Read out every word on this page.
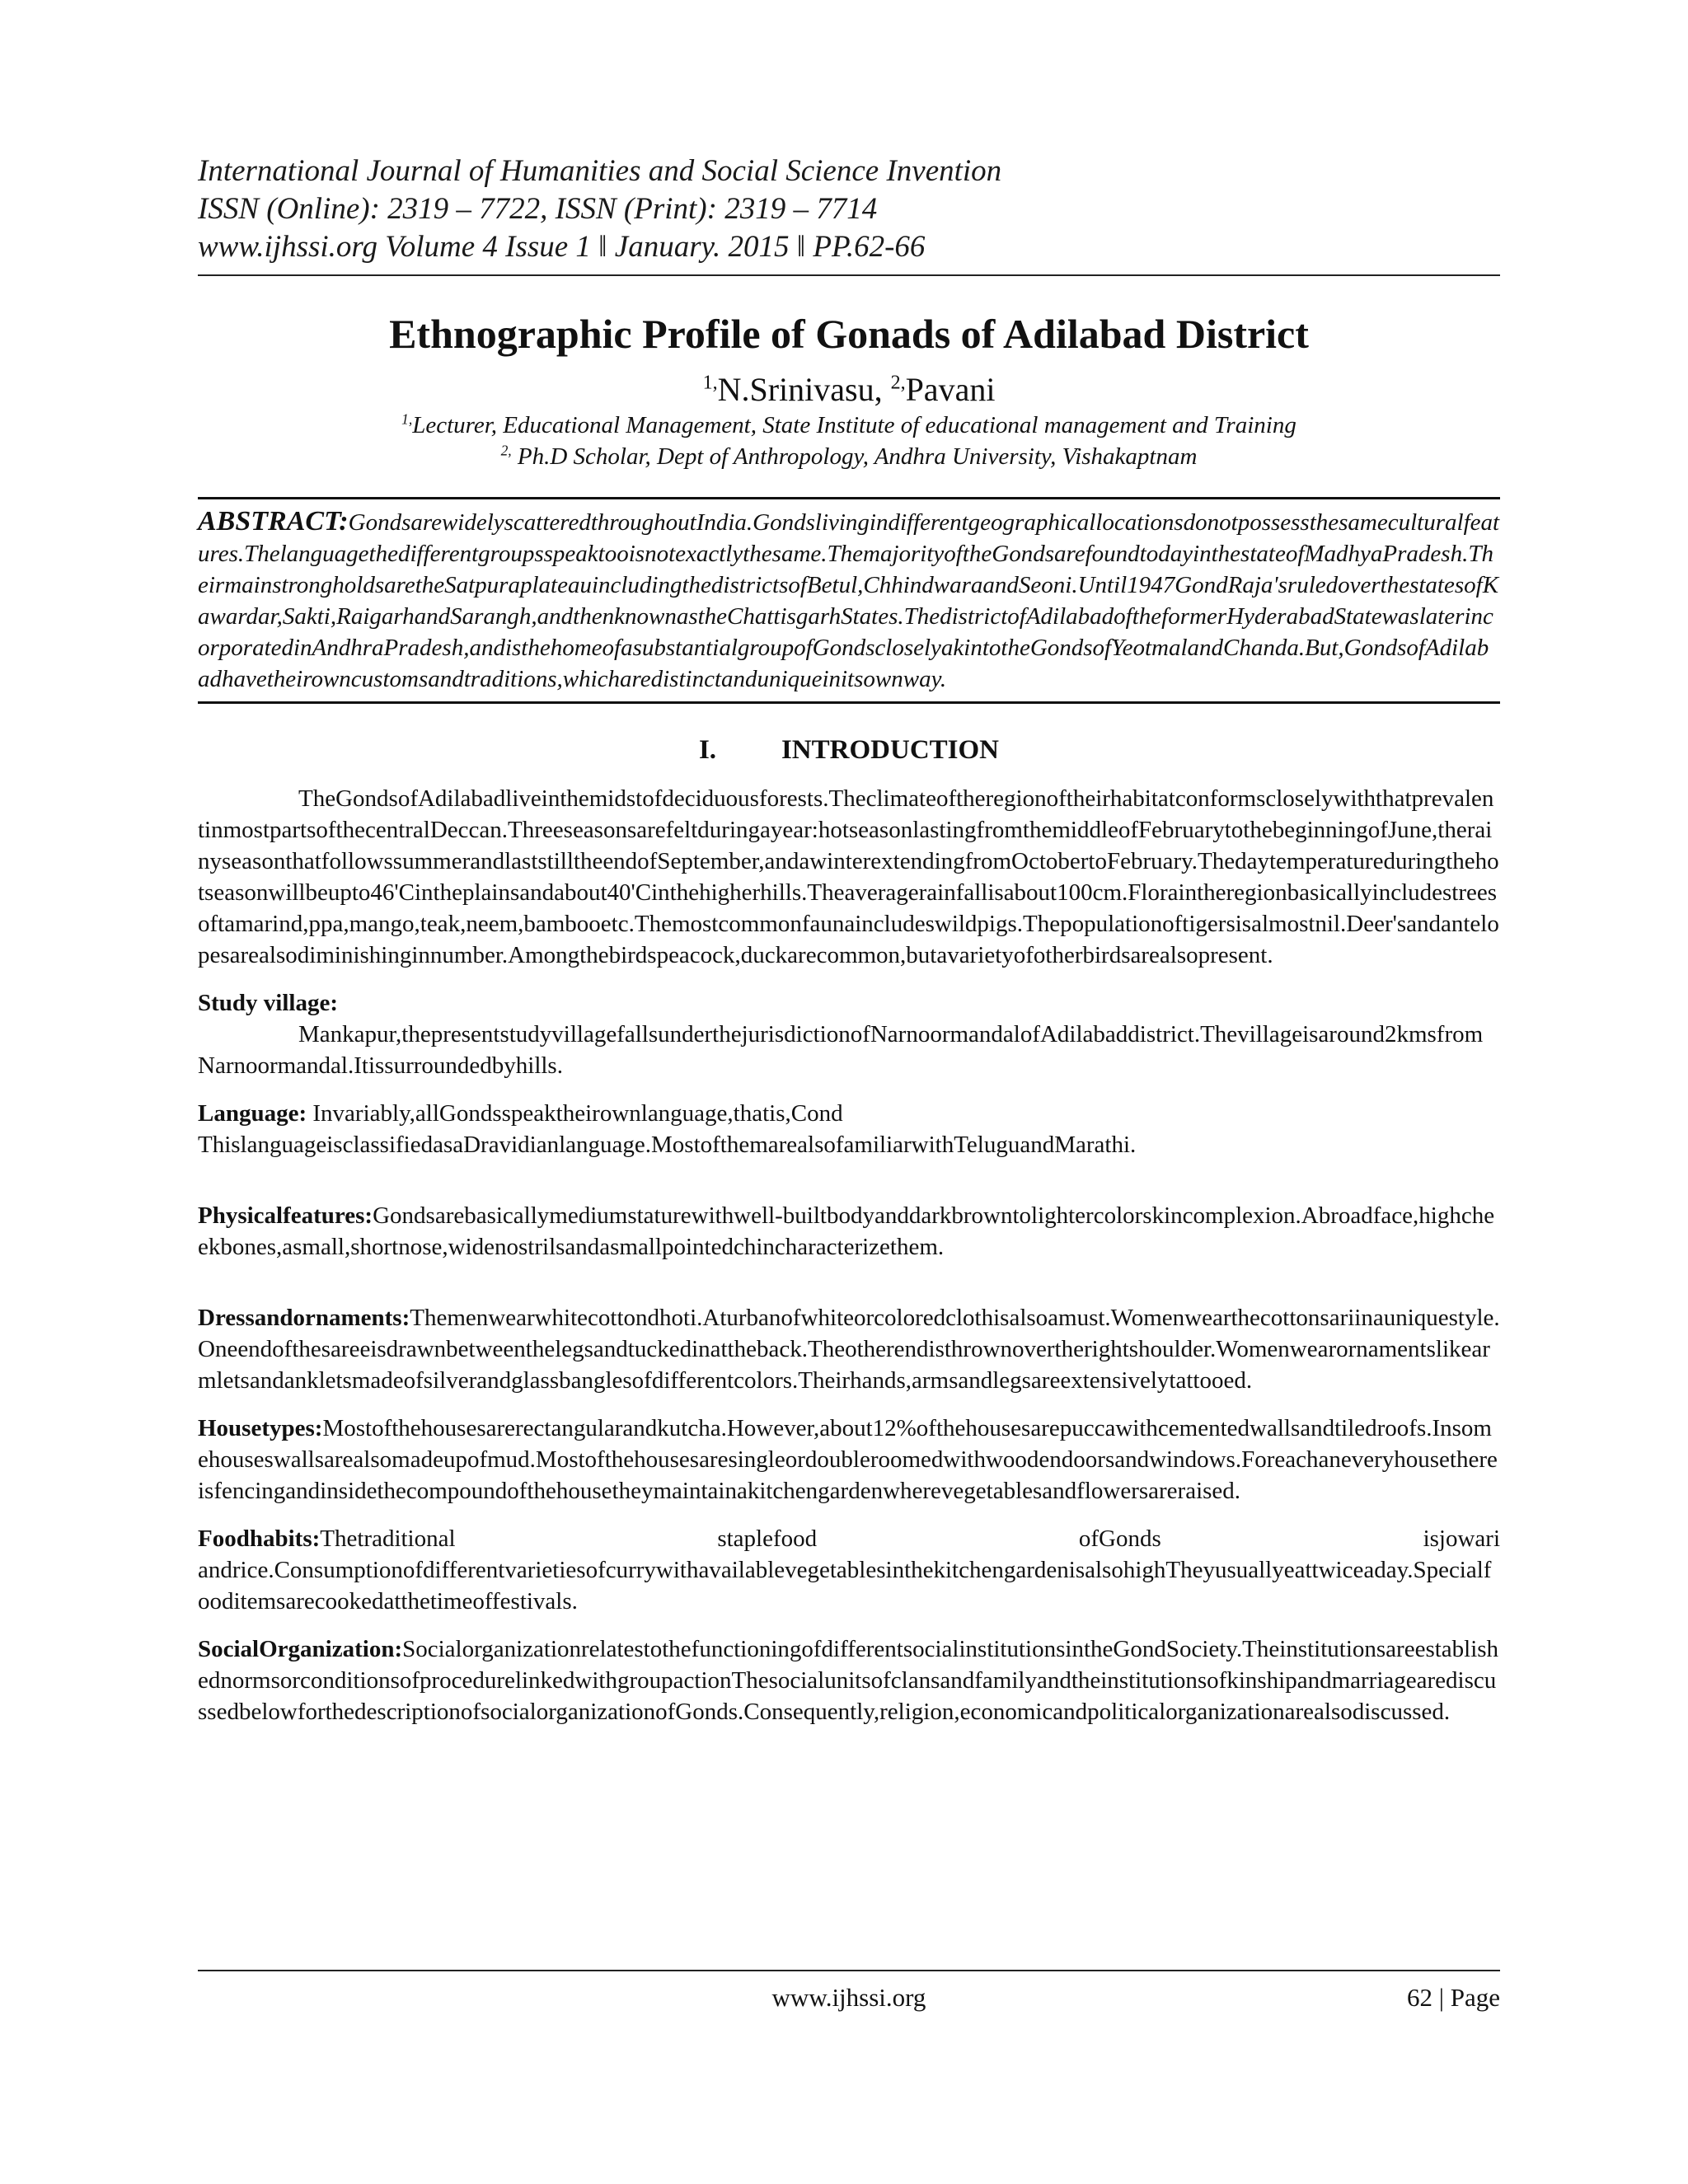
International Journal of Humanities and Social Science Invention
ISSN (Online): 2319 – 7722, ISSN (Print): 2319 – 7714
www.ijhssi.org Volume 4 Issue 1 ǁ January. 2015 ǁ PP.62-66
Ethnographic Profile of Gonads of Adilabad District
$^{1,}$N.Srinivasu, $^{2,}$Pavani
$^{1,}$Lecturer, Educational Management, State Institute of educational management and Training
$^{2,}$ Ph.D Scholar, Dept of Anthropology, Andhra University, Vishakaptnam
ABSTRACT:GondsarewidelyscatteredthroughoutIndia.Gondslivingindifferentgeographicallocationsdonotpossessthesameculturalfeatures.Thelanguagethedifferentgroupsspeaktooisnotexactlythesame.ThemajorityoftheGondsarefoundtodayinthestateofMadhyaPradesh.TheirmainstrongholdsaretheSatpuraplateauincludingthedistrictsofBetul,ChhindwaraandSeoni.Until1947GondRaja'sruledoverthestatesofKawardar,Sakti,RaigarhandSarangh,andthenknownastheChattisgarhStates.ThedistrictofAdilabadoftheformerHyderabadStatewaslaterincorporatedinAndhraPradesh,andisthehomeofasubstantialgroupofGondscloselyakintotheGondsofYeotmalandChanda.But,GondsofAdilabadhavetheirowncustomsandtraditions,whicharedistinctanduniqueinitsownway.
I. INTRODUCTION

TheGondsofAdilabadliveinthemidstofdeciduousforests.TheclimateoftheregionoftheirhabitatconformscloselywiththatprevalentinmostpartsofthecentralDeccan.Threeseasonsarefeltduringayear:hotseasonlastingfromthemiddleofFebruarytothebeginningofJune,therainyseasonthatfollowssummerandlaststilltheendofSeptember,andawinterextendingfromOctobertoFebruary.Thedaytemperatureduringthehotseasonwillbeupto46'Cintheplainsandabout40'Cinthehigherhills.Theaveragerainfallisabout100cm.Floraintheregionbasicallyincludestreesoftamarind,ppa,mango,teak,neem,bambooetc.Themostcommonfaunaincludeswildpigs.Thepopulationoftigersisalmostnil.Deer'sandantelopesarealsodiminishinginnumber.Amongthebirdspeacock,duckarecommon,butavarietyofotherbirdsarealsopresent.

Study village:

Mankapur,thepresentstudyvillagefallsunderthejurisdictionofNarnoormandalofAdilabaddistrict.Thevillageisaround2kmsfromNarnoormandal.Itissurroundedbyhills.

Language: Invariably,allGondsspeaktheirownlanguage,thatis,Cond

ThislanguageisclassifiedasaDravidianlanguage.MostofthemarealsofamiliarwithTeluguandMarathi.

Physicalfeatures:Gondsarebasicallymediumstaturewithwell-builtbodyanddarkbrowntolightercolorskincomplexion.Abroadface,highcheekbones,asmall,shortnose,widenostrilsandasmallpointedchincharacterizethem.

Dressandornaments:Themenwearwhitecottondhoti.Aturbanofwhiteorcoloredclothisalsoamust.Womenwearthecottonsariinauniquestyle.Oneendofthesareeisdrawnbetweenthelegsandtuckedinattheback.Theotherendisthrownovertherightshoulder.Womenwearornamentslikearmletsandankletsmadeofsilverandglassbanglesofdifferentcolors.Theirhands,armsandlegsareextensivelytattooed.

Housetypes:Mostofthehousesarerectangularandkutcha.However,about12%ofthehousesarepuccawithcementedwallsandtiledroofs.Insomehouseswallsarealsomadeupofmud.Mostofthehousesaresingleordoubleroomedwithwoodendoorsandwindows.Foreachaneveryhousethereisfencingandinsidethecompoundofthehousetheymaintainakitchengardenwherevegetablesandflowersareraised.

Foodhabits:Thetraditional staplefood ofGonds isjowari andrice.ConsumptionofdifferentvarietiesofcurrywithavailablevegetablesinthekitchengardenisalsohighTheyusuallyeattwiceaday.Specialfooditemsarecookedatthetimeoffestivals.

SocialOrganization:SocialorganizationrelatestothefunctioningofdifferentsocialinstitutionsintheGondSociety.TheinstitutionsareestablishednormsorconditionsofprocedurelinkedwithgroupactionThesocialunitsofclansandfamilyandtheinstitutionsofkinshipandmarriagearediscussedbelowforthedescriptionofsocialorganizationofGonds.Consequently,religion,economicandpoliticalorganizationarealsodiscussed.

www.ijhssi.org	62 | Page
